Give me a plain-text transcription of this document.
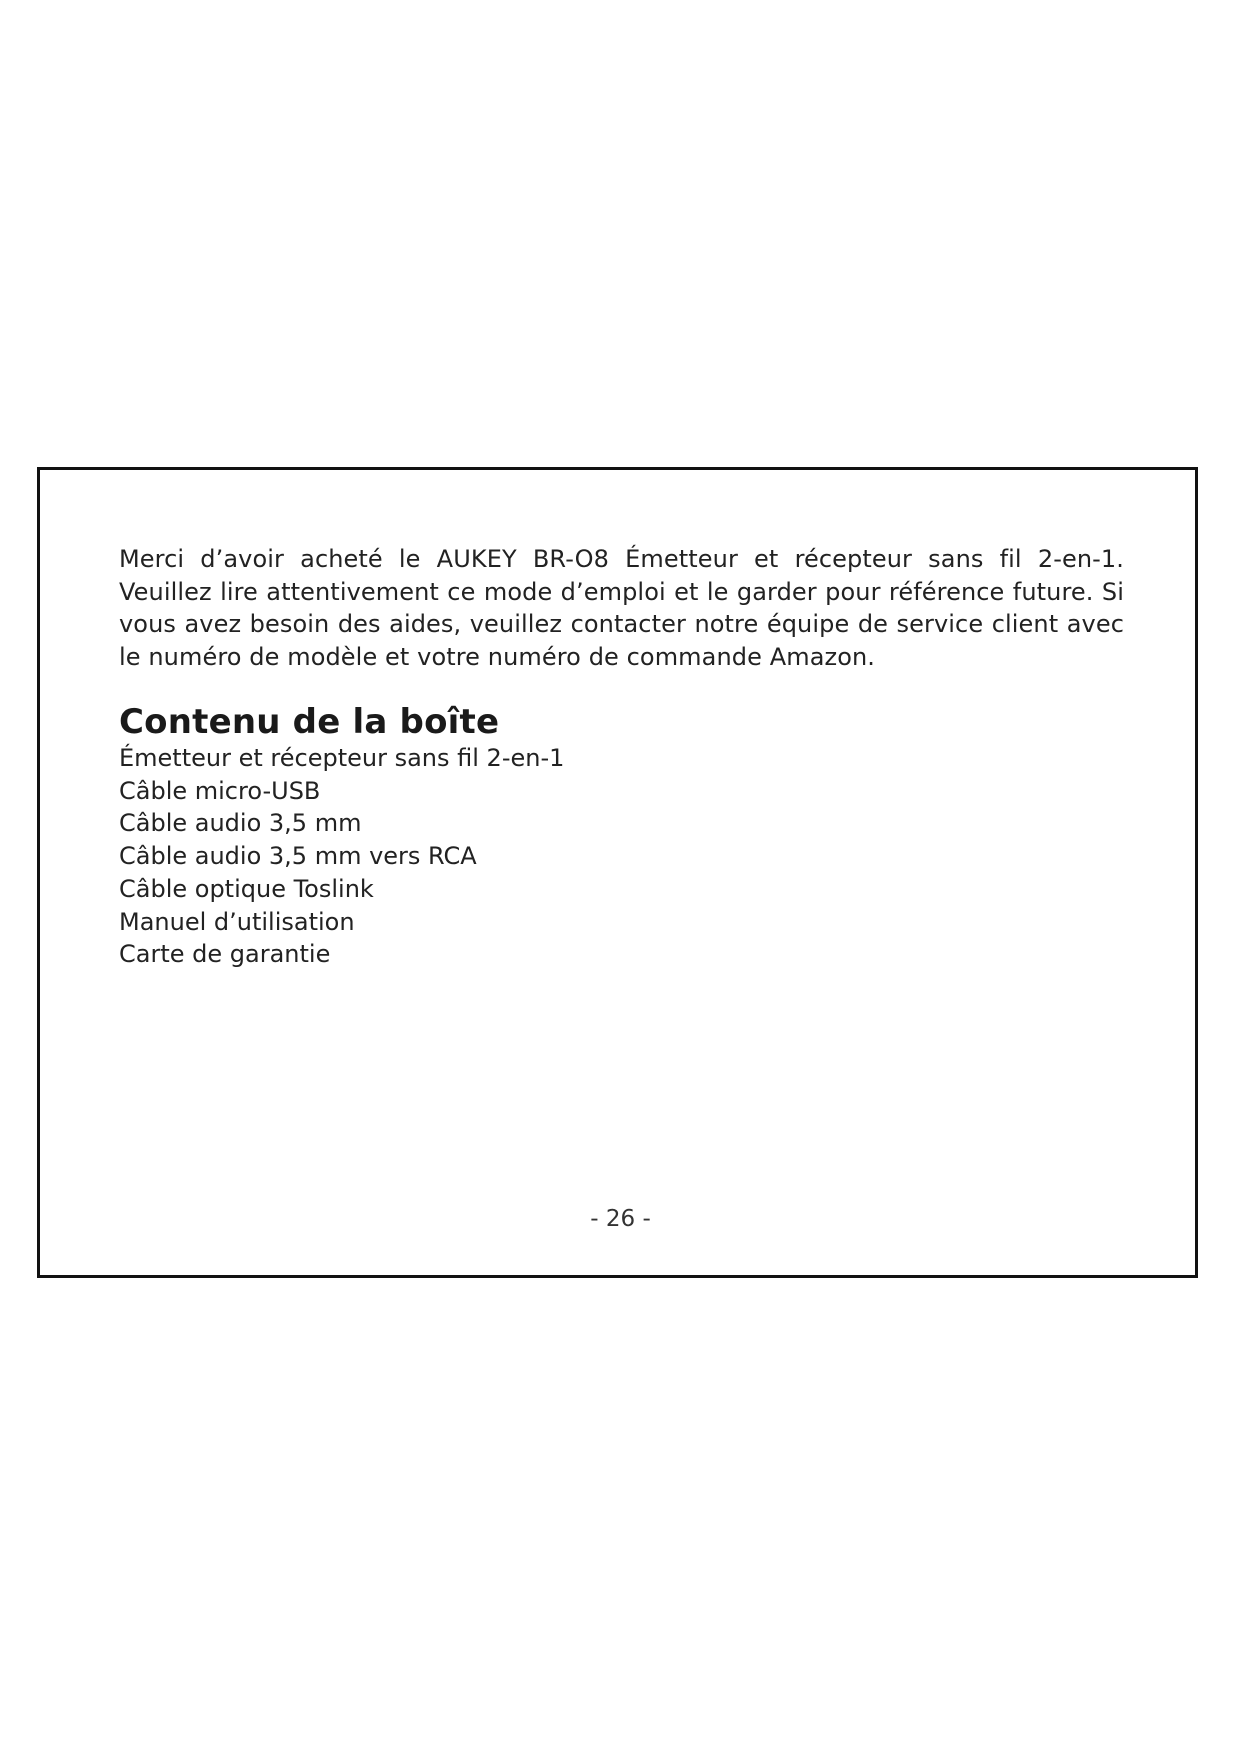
Merci d’avoir acheté le AUKEY BR-O8 Émetteur et récepteur sans fil 2-en-1. Veuillez lire attentivement ce mode d’emploi et le garder pour référence future. Si vous avez besoin des aides, veuillez contacter notre équipe de service client avec le numéro de modèle et votre numéro de commande Amazon.

Contenu de la boîte
Émetteur et récepteur sans fil 2-en-1
Câble micro-USB
Câble audio 3,5 mm
Câble audio 3,5 mm vers RCA
Câble optique Toslink
Manuel d’utilisation
Carte de garantie
- 26 -
